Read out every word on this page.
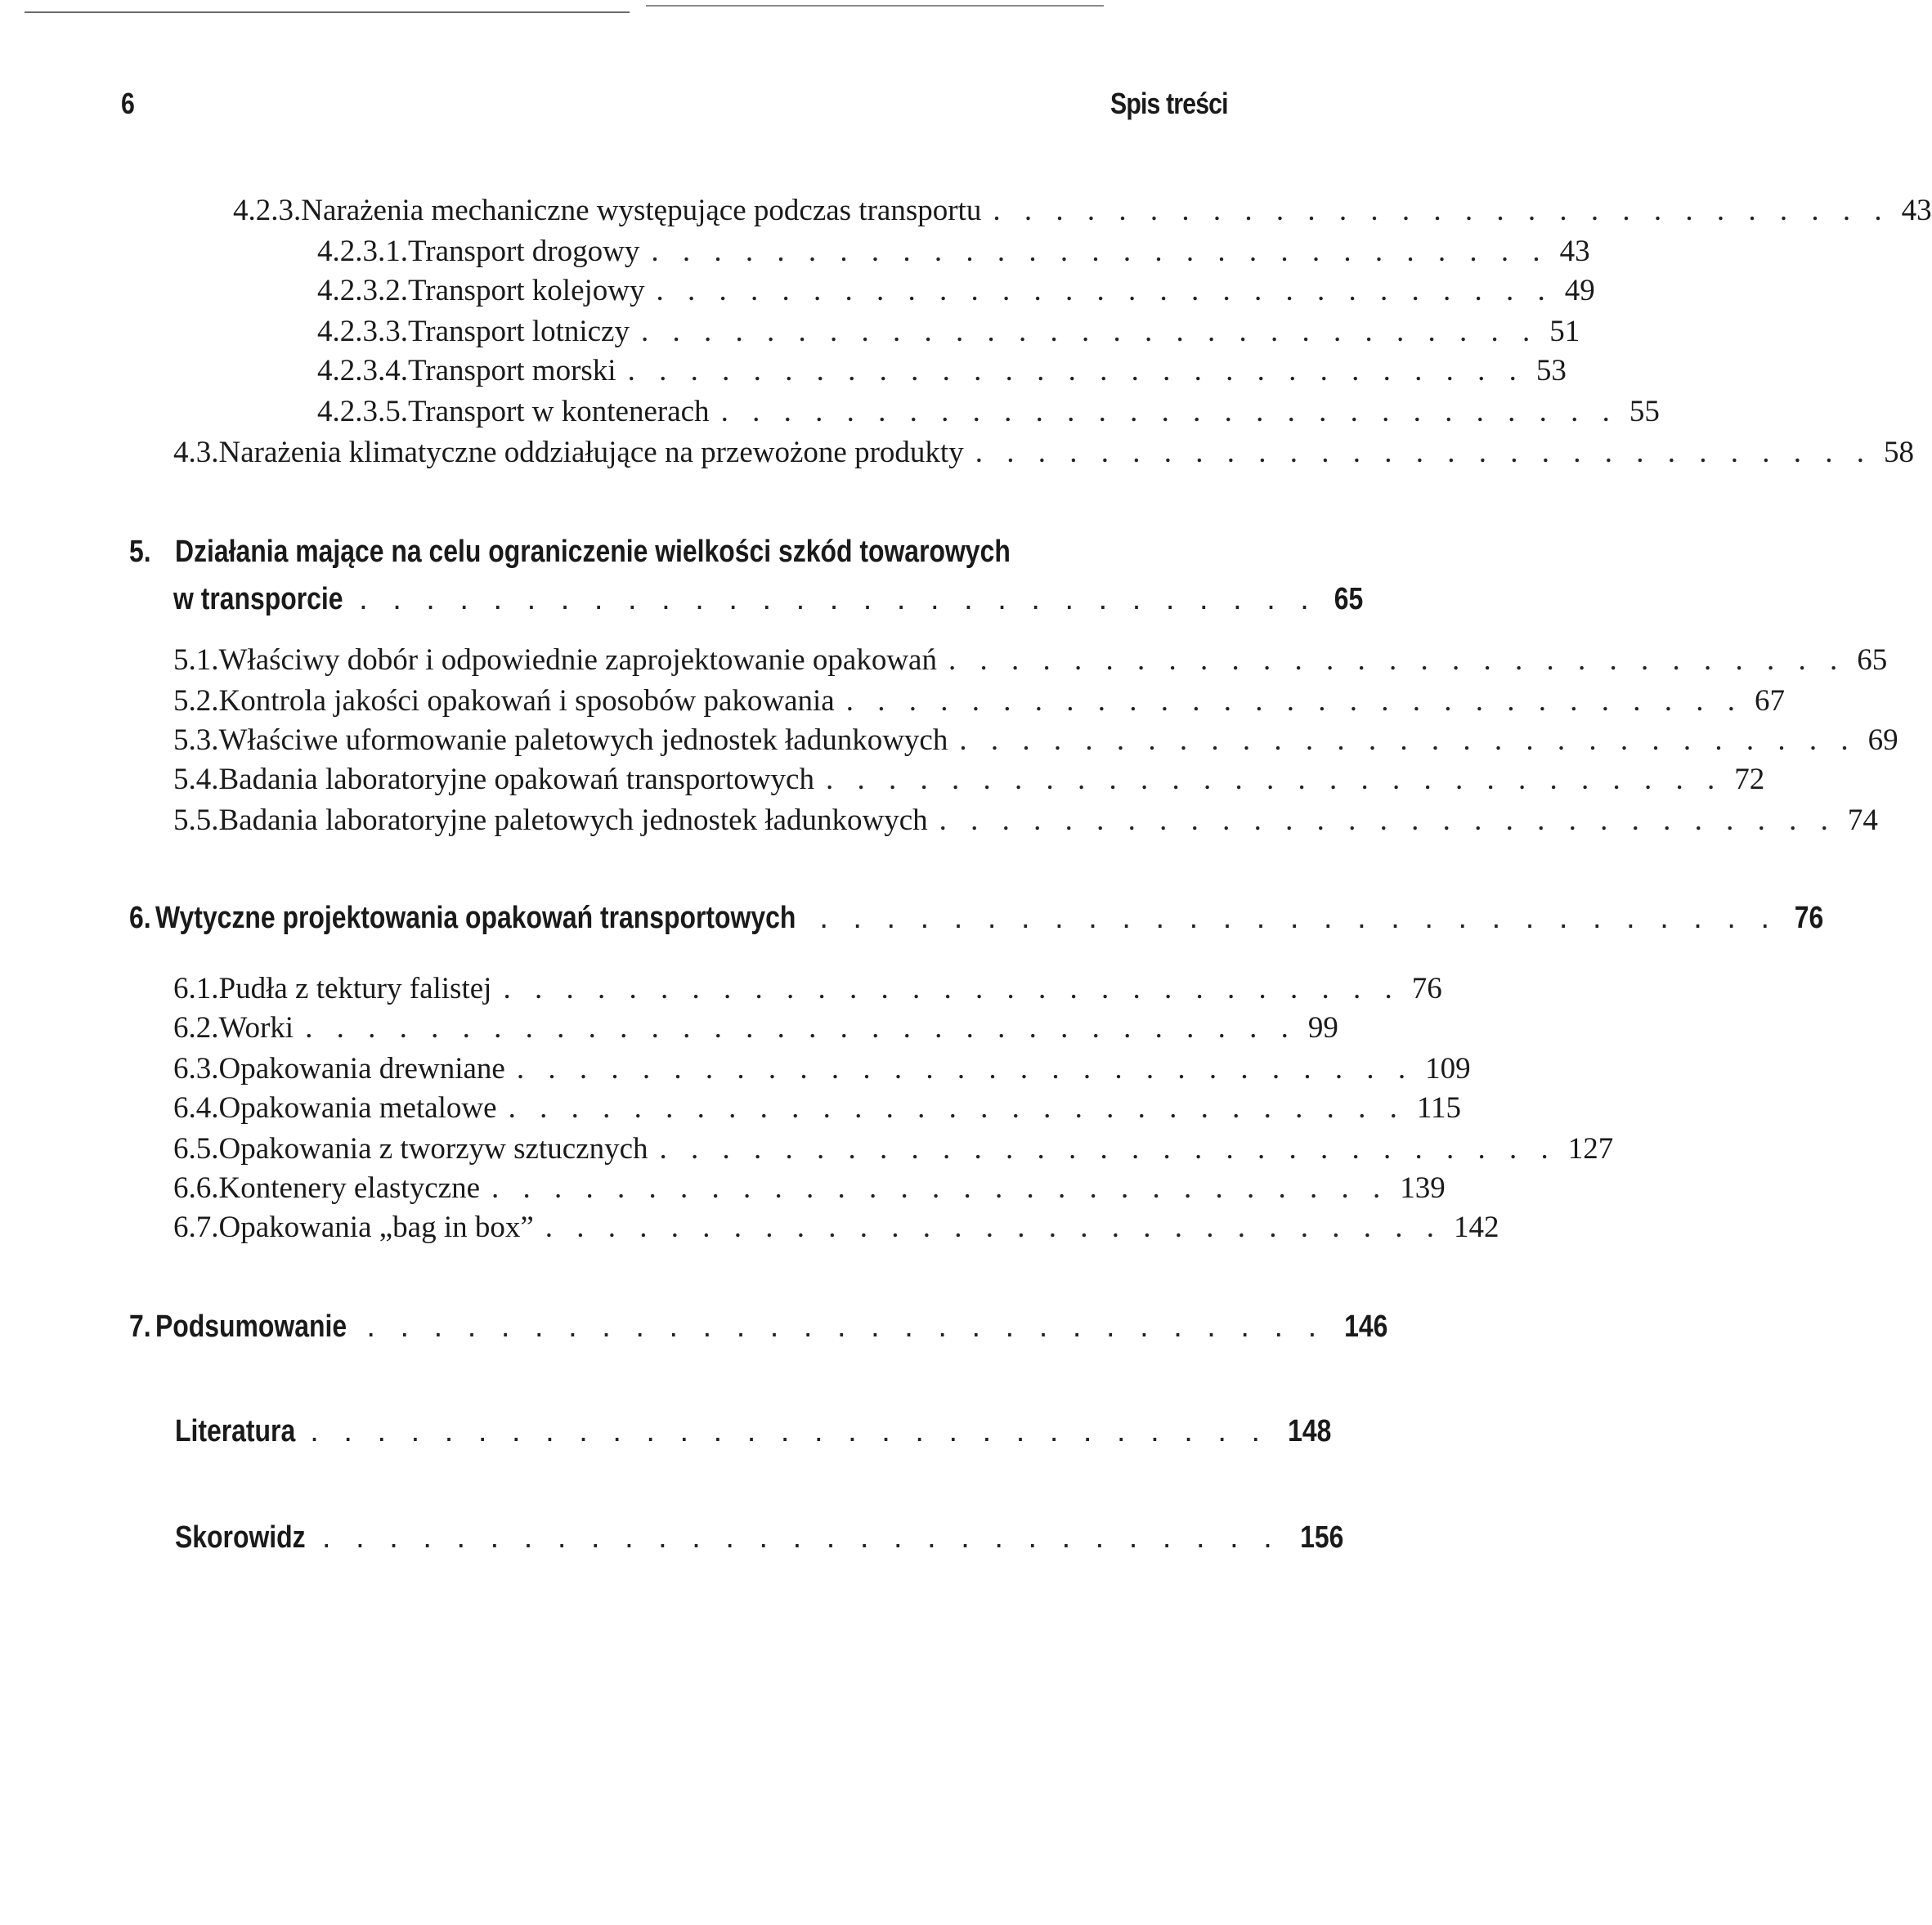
6	Spis treści
4.2.3. Narażenia mechaniczne występujące podczas transportu . . . . . . . . . . . . . . . . . . . . . . . . . . . . . 43
4.2.3.1. Transport drogowy . . . . . . . . . . . . . . . . . . . . . . . . . . . . . 43
4.2.3.2. Transport kolejowy . . . . . . . . . . . . . . . . . . . . . . . . . . . . . 49
4.2.3.3. Transport lotniczy . . . . . . . . . . . . . . . . . . . . . . . . . . . . . 51
4.2.3.4. Transport morski . . . . . . . . . . . . . . . . . . . . . . . . . . . . . 53
4.2.3.5. Transport w kontenerach . . . . . . . . . . . . . . . . . . . . . . . . . . . . . 55
4.3. Narażenia klimatyczne oddziałujące na przewożone produkty . . . . . . . . . . . . . . . . . . . . . . . . . . . . . 58
5. Działania mające na celu ograniczenie wielkości szkód towarowych
w transporcie . . . . . . . . . . . . . . . . . . . . . . . . . . . . . 65
5.1. Właściwy dobór i odpowiednie zaprojektowanie opakowań . . . . . . . . . . . . . . . . . . . . . . . . . . . . . 65
5.2. Kontrola jakości opakowań i sposobów pakowania . . . . . . . . . . . . . . . . . . . . . . . . . . . . . 67
5.3. Właściwe uformowanie paletowych jednostek ładunkowych . . . . . . . . . . . . . . . . . . . . . . . . . . . . . 69
5.4. Badania laboratoryjne opakowań transportowych . . . . . . . . . . . . . . . . . . . . . . . . . . . . . 72
5.5. Badania laboratoryjne paletowych jednostek ładunkowych . . . . . . . . . . . . . . . . . . . . . . . . . . . . . 74
6. Wytyczne projektowania opakowań transportowych . . . . . . . . . . . . . . . . . . . . . . . . . . . . . 76
6.1. Pudła z tektury falistej . . . . . . . . . . . . . . . . . . . . . . . . . . . . . 76
6.2. Worki . . . . . . . . . . . . . . . . . . . . . . . . . . . . . . . . 99
6.3. Opakowania drewniane . . . . . . . . . . . . . . . . . . . . . . . . . . . . . 109
6.4. Opakowania metalowe . . . . . . . . . . . . . . . . . . . . . . . . . . . . . 115
6.5. Opakowania z tworzyw sztucznych . . . . . . . . . . . . . . . . . . . . . . . . . . . . . 127
6.6. Kontenery elastyczne . . . . . . . . . . . . . . . . . . . . . . . . . . . . . 139
6.7. Opakowania „bag in box” . . . . . . . . . . . . . . . . . . . . . . . . . . . . . 142
7. Podsumowanie . . . . . . . . . . . . . . . . . . . . . . . . . . . . . 146
Literatura . . . . . . . . . . . . . . . . . . . . . . . . . . . . . 148
Skorowidz . . . . . . . . . . . . . . . . . . . . . . . . . . . . . 156
